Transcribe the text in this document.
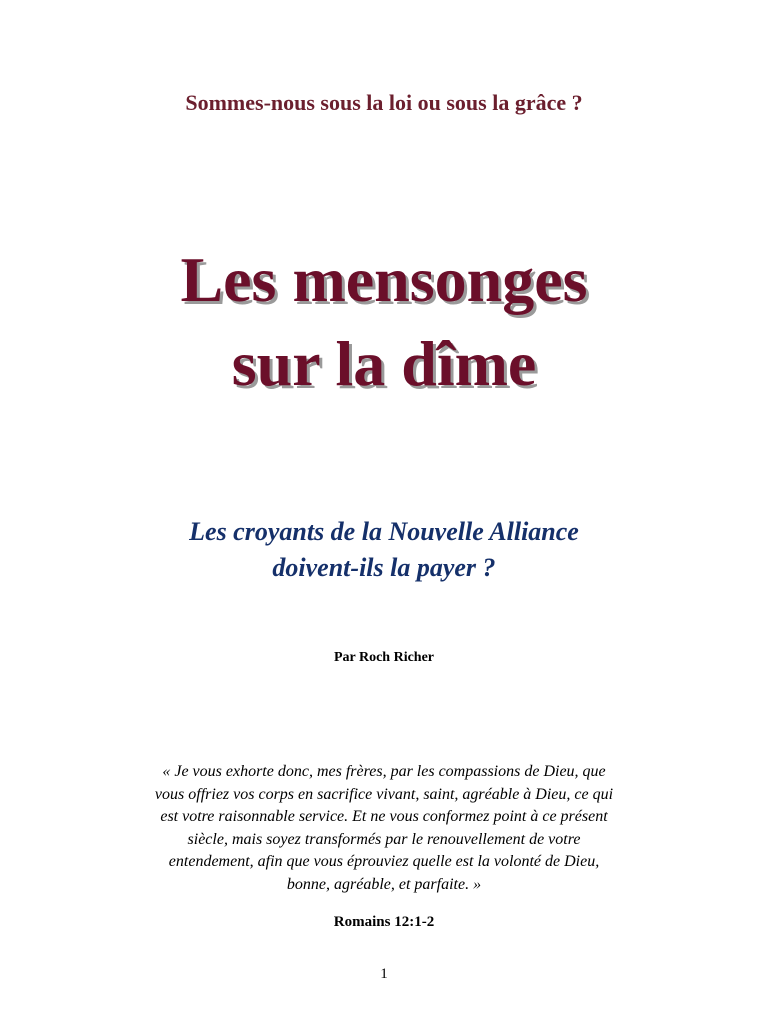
Sommes-nous sous la loi ou sous la grâce ?
Les mensonges
sur la dîme
Les croyants de la Nouvelle Alliance
doivent-ils la payer ?
Par Roch Richer
« Je vous exhorte donc, mes frères, par les compassions de Dieu, que
vous offriez vos corps en sacrifice vivant, saint, agréable à Dieu, ce qui
est votre raisonnable service. Et ne vous conformez point à ce présent
siècle, mais soyez transformés par le renouvellement de votre
entendement, afin que vous éprouviez quelle est la volonté de Dieu,
bonne, agréable, et parfaite. »
Romains 12:1-2
1
